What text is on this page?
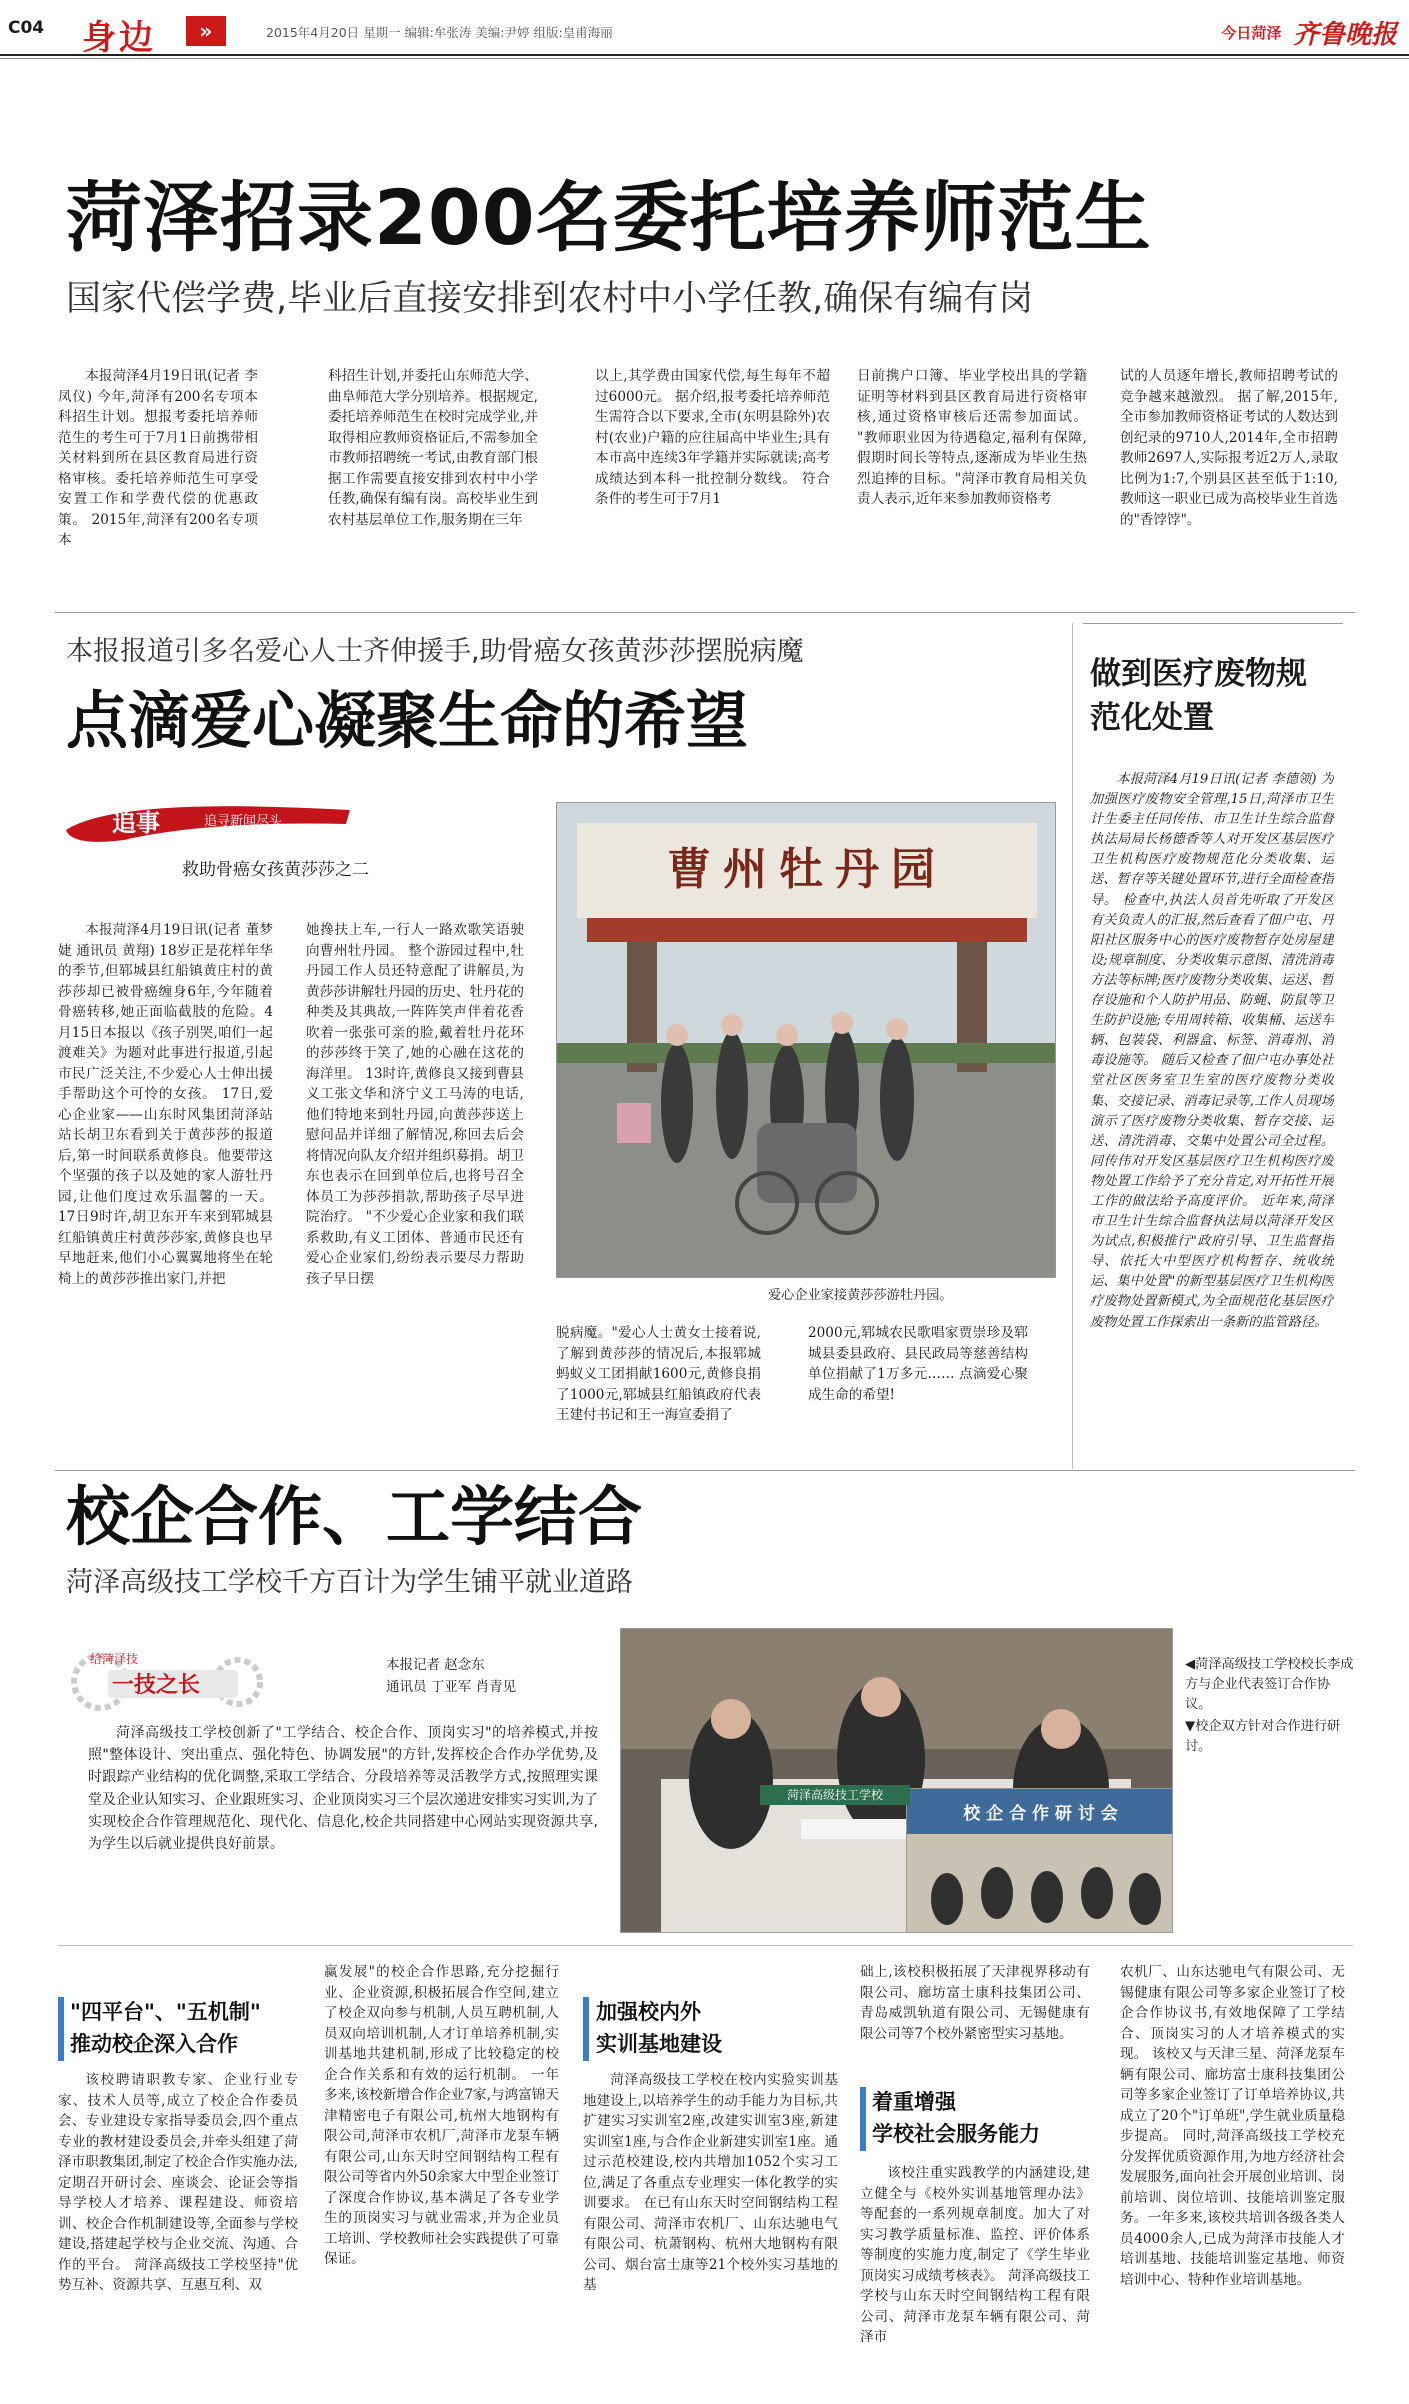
C04 身边	»	2015年4月20日 星期一 编辑:牟张涛 美编:尹婷 组版:皇甫海丽	今日菏泽 齐鲁晚报
菏泽招录200名委托培养师范生
国家代偿学费,毕业后直接安排到农村中小学任教,确保有编有岗

本报菏泽4月19日讯(记者 李凤仪) 今年,菏泽有200名专项本科招生计划。想报考委托培养师范生的考生可于7月1日前携带相关材料到所在县区教育局进行资格审核。委托培养师范生可享受安置工作和学费代偿的优惠政策。 2015年,菏泽有200名专项本

科招生计划,并委托山东师范大学、曲阜师范大学分别培养。根据规定,委托培养师范生在校时完成学业,并取得相应教师资格证后,不需参加全市教师招聘统一考试,由教育部门根据工作需要直接安排到农村中小学任教,确保有编有岗。高校毕业生到农村基层单位工作,服务期在三年

以上,其学费由国家代偿,每生每年不超过6000元。 据介绍,报考委托培养师范生需符合以下要求,全市(东明县除外)农村(农业)户籍的应往届高中毕业生;具有本市高中连续3年学籍并实际就读;高考成绩达到本科一批控制分数线。 符合条件的考生可于7月1

日前携户口簿、毕业学校出具的学籍证明等材料到县区教育局进行资格审核,通过资格审核后还需参加面试。 "教师职业因为待遇稳定,福利有保障,假期时间长等特点,逐渐成为毕业生热烈追捧的目标。"菏泽市教育局相关负责人表示,近年来参加教师资格考

试的人员逐年增长,教师招聘考试的竞争越来越激烈。 据了解,2015年,全市参加教师资格证考试的人数达到创纪录的9710人,2014年,全市招聘教师2697人,实际报考近2万人,录取比例为1:7,个别县区甚至低于1:10,教师这一职业已成为高校毕业生首选的"香饽饽"。

本报报道引多名爱心人士齐伸援手,助骨癌女孩黄莎莎摆脱病魔
点滴爱心凝聚生命的希望
追事	追寻新闻尽头
救助骨癌女孩黄莎莎之二

本报菏泽4月19日讯(记者 董梦婕 通讯员 黄翔) 18岁正是花样年华的季节,但郓城县红船镇黄庄村的黄莎莎却已被骨癌缠身6年,今年随着骨癌转移,她正面临截肢的危险。4月15日本报以《孩子别哭,咱们一起渡难关》为题对此事进行报道,引起市民广泛关注,不少爱心人士伸出援手帮助这个可怜的女孩。 17日,爱心企业家——山东时风集团菏泽站站长胡卫东看到关于黄莎莎的报道后,第一时间联系黄修良。他要带这个坚强的孩子以及她的家人游牡丹园,让他们度过欢乐温馨的一天。 17日9时许,胡卫东开车来到郓城县红船镇黄庄村黄莎莎家,黄修良也早早地赶来,他们小心翼翼地将坐在轮椅上的黄莎莎推出家门,并把

她搀扶上车,一行人一路欢歌笑语驶向曹州牡丹园。 整个游园过程中,牡丹园工作人员还特意配了讲解员,为黄莎莎讲解牡丹园的历史、牡丹花的种类及其典故,一阵阵笑声伴着花香吹着一张张可亲的脸,戴着牡丹花环的莎莎终于笑了,她的心融在这花的海洋里。 13时许,黄修良又接到曹县义工张文华和济宁义工马涛的电话,他们特地来到牡丹园,向黄莎莎送上慰问品并详细了解情况,称回去后会将情况向队友介绍并组织募捐。胡卫东也表示在回到单位后,也将号召全体员工为莎莎捐款,帮助孩子尽早进院治疗。 "不少爱心企业家和我们联系救助,有义工团体、普通市民还有爱心企业家们,纷纷表示要尽力帮助孩子早日摆

曹州牡丹园
爱心企业家接黄莎莎游牡丹园。

脱病魔。"爱心人士黄女士接着说,了解到黄莎莎的情况后,本报郓城蚂蚁义工团捐献1600元,黄修良捐了1000元,郓城县红船镇政府代表王建付书记和王一海宣委捐了

2000元,郓城农民歌唱家贾崇珍及郓城县委县政府、县民政局等慈善结构单位捐献了1万多元…… 点滴爱心聚成生命的希望!

做到医疗废物规范化处置

本报菏泽4月19日讯(记者 李德领) 为加强医疗废物安全管理,15日,菏泽市卫生计生委主任同传伟、市卫生计生综合监督执法局局长杨德香等人对开发区基层医疗卫生机构医疗废物规范化分类收集、运送、暂存等关键处置环节,进行全面检查指导。 检查中,执法人员首先听取了开发区有关负责人的汇报,然后查看了佃户屯、丹阳社区服务中心的医疗废物暂存处房屋建设;规章制度、分类收集示意图、清洗消毒方法等标牌;医疗废物分类收集、运送、暂存设施和个人防护用品、防蝇、防鼠等卫生防护设施;专用周转箱、收集桶、运送车辆、包装袋、利器盒、标签、消毒剂、消毒设施等。 随后又检查了佃户屯办事处社堂社区医务室卫生室的医疗废物分类收集、交接记录、消毒记录等,工作人员现场演示了医疗废物分类收集、暂存交接、运送、清洗消毒、交集中处置公司全过程。同传伟对开发区基层医疗卫生机构医疗废物处置工作给予了充分肯定,对开拓性开展工作的做法给予高度评价。 近年来,菏泽市卫生计生综合监督执法局以菏泽开发区为试点,积极推行"政府引导、卫生监督指导、依托大中型医疗机构暂存、统收统运、集中处置"的新型基层医疗卫生机构医疗废物处置新模式,为全面规范化基层医疗废物处置工作探索出一条新的监管路径。

校企合作、工学结合
菏泽高级技工学校千方百计为学生铺平就业道路
给菏泽技
一技之长
本报记者 赵念东
通讯员 丁亚军 肖青见

菏泽高级技工学校创新了"工学结合、校企合作、顶岗实习"的培养模式,并按照"整体设计、突出重点、强化特色、协调发展"的方针,发挥校企合作办学优势,及时跟踪产业结构的优化调整,采取工学结合、分段培养等灵活教学方式,按照理实课堂及企业认知实习、企业跟班实习、企业顶岗实习三个层次递进安排实习实训,为了实现校企合作管理规范化、现代化、信息化,校企共同搭建中心网站实现资源共享,为学生以后就业提供良好前景。

校 企 合 作 研 讨 会
菏泽高级技工学校
◀菏泽高级技工学校校长李成方与企业代表签订合作协议。
▼校企双方针对合作进行研讨。
"四平台"、"五机制"
推动校企深入合作

该校聘请职教专家、企业行业专家、技术人员等,成立了校企合作委员会、专业建设专家指导委员会,四个重点专业的教材建设委员会,并牵头组建了菏泽市职教集团,制定了校企合作实施办法,定期召开研讨会、座谈会、论证会等指导学校人才培养、课程建设、师资培训、校企合作机制建设等,全面参与学校建设,搭建起学校与企业交流、沟通、合作的平台。 菏泽高级技工学校坚持"优势互补、资源共享、互惠互利、双

赢发展"的校企合作思路,充分挖掘行业、企业资源,积极拓展合作空间,建立了校企双向参与机制,人员互聘机制,人员双向培训机制,人才订单培养机制,实训基地共建机制,形成了比较稳定的校企合作关系和有效的运行机制。 一年多来,该校新增合作企业7家,与鸿富锦天津精密电子有限公司,杭州大地钢构有限公司,菏泽市农机厂,菏泽市龙泵车辆有限公司,山东天时空间钢结构工程有限公司等省内外50余家大中型企业签订了深度合作协议,基本满足了各专业学生的顶岗实习与就业需求,并为企业员工培训、学校教师社会实践提供了可靠保证。

加强校内外
实训基地建设

菏泽高级技工学校在校内实验实训基地建设上,以培养学生的动手能力为目标,共扩建实习实训室2座,改建实训室3座,新建实训室1座,与合作企业新建实训室1座。通过示范校建设,校内共增加1052个实习工位,满足了各重点专业理实一体化教学的实训要求。 在已有山东天时空间钢结构工程有限公司、菏泽市农机厂、山东达驰电气有限公司、杭萧钢构、杭州大地钢构有限公司、烟台富士康等21个校外实习基地的基

础上,该校积极拓展了天津视界移动有限公司、廊坊富士康科技集团公司、青岛威凯轨道有限公司、无锡健康有限公司等7个校外紧密型实习基地。

着重增强
学校社会服务能力

该校注重实践教学的内涵建设,建立健全与《校外实训基地管理办法》等配套的一系列规章制度。加大了对实习教学质量标准、监控、评价体系等制度的实施力度,制定了《学生毕业顶岗实习成绩考核表》。 菏泽高级技工学校与山东天时空间钢结构工程有限公司、菏泽市龙泵车辆有限公司、菏泽市

农机厂、山东达驰电气有限公司、无锡健康有限公司等多家企业签订了校企合作协议书,有效地保障了工学结合、顶岗实习的人才培养模式的实现。 该校又与天津三星、菏泽龙泵车辆有限公司、廊坊富士康科技集团公司等多家企业签订了订单培养协议,共成立了20个"订单班",学生就业质量稳步提高。 同时,菏泽高级技工学校充分发挥优质资源作用,为地方经济社会发展服务,面向社会开展创业培训、岗前培训、岗位培训、技能培训鉴定服务。一年多来,该校共培训各级各类人员4000余人,已成为菏泽市技能人才培训基地、技能培训鉴定基地、师资培训中心、特种作业培训基地。
